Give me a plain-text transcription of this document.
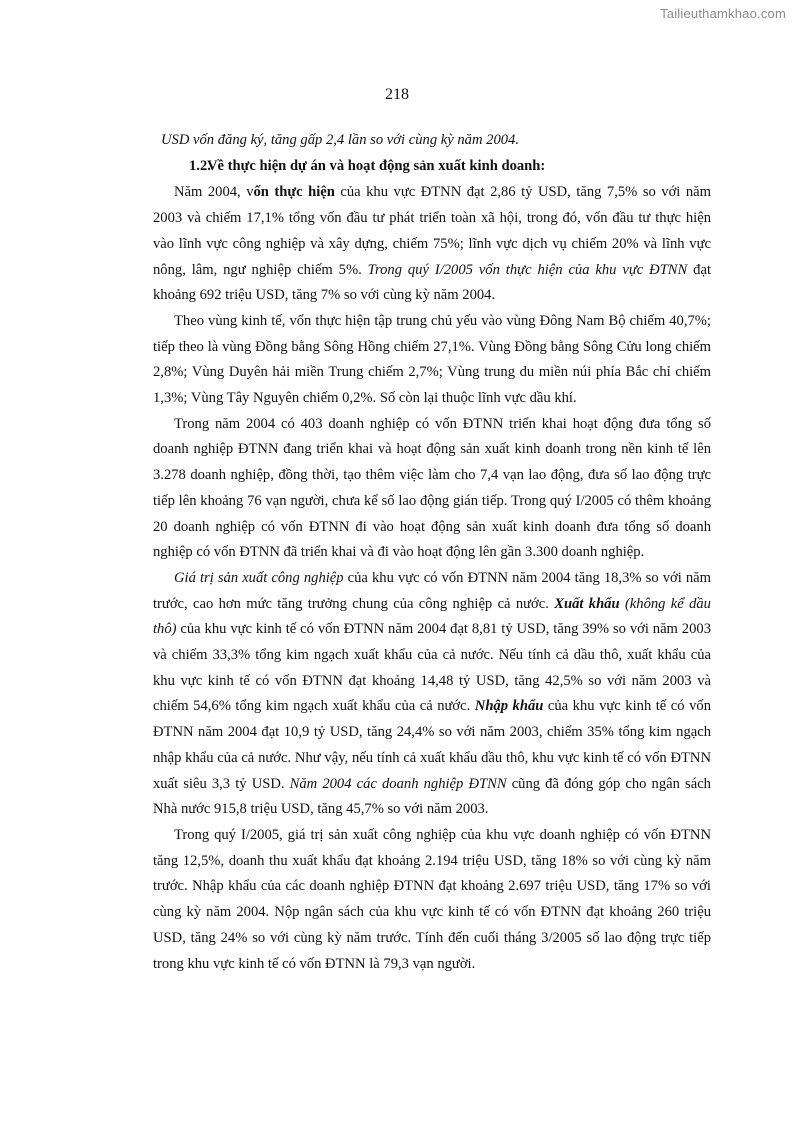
Tailieuthamkhao.com
218

USD vốn đăng ký, tăng gấp 2,4 lần so với cùng kỳ năm 2004.

1.2.Về thực hiện dự án và hoạt động sản xuất kinh doanh:

Năm 2004, vốn thực hiện của khu vực ĐTNN đạt 2,86 tỷ USD, tăng 7,5% so với năm 2003 và chiếm 17,1% tổng vốn đầu tư phát triển toàn xã hội, trong đó, vốn đầu tư thực hiện vào lĩnh vực công nghiệp và xây dựng, chiếm 75%; lĩnh vực dịch vụ chiếm 20% và lĩnh vực nông, lâm, ngư nghiệp chiếm 5%. Trong quý I/2005 vốn thực hiện của khu vực ĐTNN đạt khoảng 692 triệu USD, tăng 7% so với cùng kỳ năm 2004.

Theo vùng kinh tế, vốn thực hiện tập trung chủ yếu vào vùng Đông Nam Bộ chiếm 40,7%; tiếp theo là vùng Đồng bằng Sông Hồng chiếm 27,1%. Vùng Đồng bằng Sông Cửu long chiếm 2,8%; Vùng Duyên hải miền Trung chiếm 2,7%; Vùng trung du miền núi phía Bắc chỉ chiếm 1,3%; Vùng Tây Nguyên chiếm 0,2%. Số còn lại thuộc lĩnh vực dầu khí.

Trong năm 2004 có 403 doanh nghiệp có vốn ĐTNN triển khai hoạt động đưa tổng số doanh nghiệp ĐTNN đang triển khai và hoạt động sản xuất kinh doanh trong nền kinh tế lên 3.278 doanh nghiệp, đồng thời, tạo thêm việc làm cho 7,4 vạn lao động, đưa số lao động trực tiếp lên khoảng 76 vạn người, chưa kể số lao động gián tiếp. Trong quý I/2005 có thêm khoảng 20 doanh nghiệp có vốn ĐTNN đi vào hoạt động sản xuất kinh doanh đưa tổng số doanh nghiệp có vốn ĐTNN đã triển khai và đi vào hoạt động lên gần 3.300 doanh nghiệp.

Giá trị sản xuất công nghiệp của khu vực có vốn ĐTNN năm 2004 tăng 18,3% so với năm trước, cao hơn mức tăng trưởng chung của công nghiệp cả nước. Xuất khẩu (không kể dầu thô) của khu vực kinh tế có vốn ĐTNN năm 2004 đạt 8,81 tỷ USD, tăng 39% so với năm 2003 và chiếm 33,3% tổng kim ngạch xuất khẩu của cả nước. Nếu tính cả dầu thô, xuất khẩu của khu vực kinh tế có vốn ĐTNN đạt khoảng 14,48 tỷ USD, tăng 42,5% so với năm 2003 và chiếm 54,6% tổng kim ngạch xuất khẩu của cả nước. Nhập khẩu của khu vực kinh tế có vốn ĐTNN năm 2004 đạt 10,9 tỷ USD, tăng 24,4% so với năm 2003, chiếm 35% tổng kim ngạch nhập khẩu của cả nước. Như vậy, nếu tính cả xuất khẩu dầu thô, khu vực kinh tế có vốn ĐTNN xuất siêu 3,3 tỷ USD. Năm 2004 các doanh nghiệp ĐTNN cũng đã đóng góp cho ngân sách Nhà nước 915,8 triệu USD, tăng 45,7% so với năm 2003.

Trong quý I/2005, giá trị sản xuất công nghiệp của khu vực doanh nghiệp có vốn ĐTNN tăng 12,5%, doanh thu xuất khẩu đạt khoảng 2.194 triệu USD, tăng 18% so với cùng kỳ năm trước. Nhập khẩu của các doanh nghiệp ĐTNN đạt khoảng 2.697 triệu USD, tăng 17% so với cùng kỳ năm 2004. Nộp ngân sách của khu vực kinh tế có vốn ĐTNN đạt khoảng 260 triệu USD, tăng 24% so với cùng kỳ năm trước. Tính đến cuối tháng 3/2005 số lao động trực tiếp trong khu vực kinh tế có vốn ĐTNN là 79,3 vạn người.
